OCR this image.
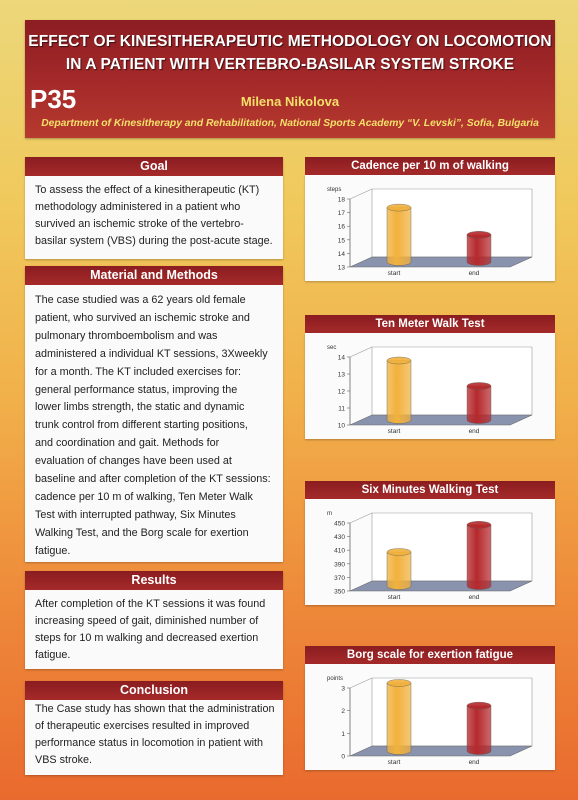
EFFECT OF KINESITHERAPEUTIC METHODOLOGY ON LOCOMOTION
IN A PATIENT WITH VERTEBRO-BASILAR SYSTEM STROKE
P35	Milena Nikolova
Department of Kinesitherapy and Rehabilitation, National Sports Academy “V. Levski”, Sofia, Bulgaria
Goal
To assess the effect of a kinesitherapeutic (KT)
methodology administered in a patient who
survived an ischemic stroke of the vertebro-
basilar system (VBS) during the post-acute stage.
Material and Methods
The case studied was a 62 years old female
patient, who survived an ischemic stroke and
pulmonary thromboembolism and was
administered a individual KT sessions, 3Xweekly
for a month. The KT included exercises for:
general performance status, improving the
lower limbs strength, the static and dynamic
trunk control from different starting positions,
and coordination and gait. Methods for
evaluation of changes have been used at
baseline and after completion of the KT sessions:
cadence per 10 m of walking, Ten Meter Walk
Test with interrupted pathway, Six Minutes
Walking Test, and the Borg scale for exertion
fatigue.
Results
After completion of the KT sessions it was found
increasing speed of gait, diminished number of
steps for 10 m walking and decreased exertion
fatigue.
Conclusion
The Case study has shown that the administration
of therapeutic exercises resulted in improved
performance status in locomotion in patient with
VBS stroke.
Cadence per 10 m of walking
13
14
15
16
17
18
steps
start	end
Ten Meter Walk Test
10
11
12
13
14
sec
start	end
Six Minutes Walking Test
350
370
390
410
430
450
m
start	end
Borg scale for exertion fatigue
0
1
2
3
points
start	end
